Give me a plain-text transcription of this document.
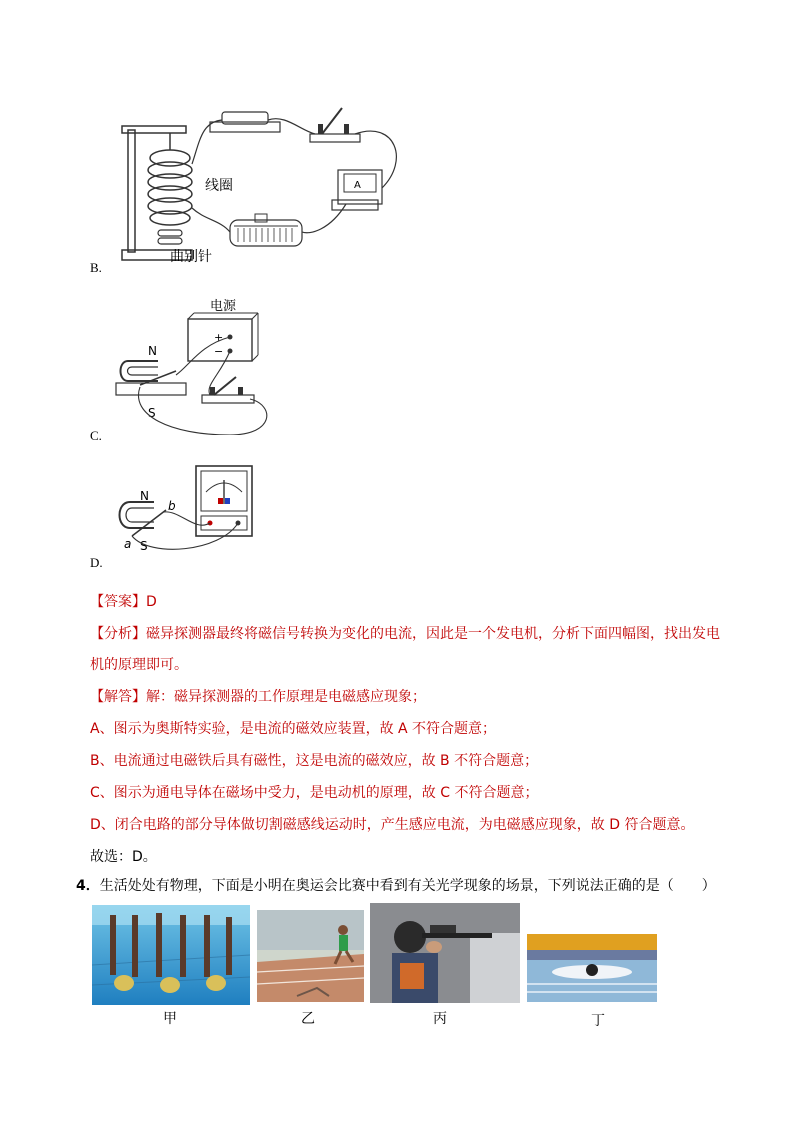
线圈
曲别针
A
B.
电源
+
−
N
S
C.
N
S
a
b
D.
【答案】D
【分析】磁异探测器最终将磁信号转换为变化的电流，因此是一个发电机，分析下面四幅图，找出发电
机的原理即可。
【解答】解：磁异探测器的工作原理是电磁感应现象；
A、图示为奥斯特实验，是电流的磁效应装置，故 A 不符合题意；
B、电流通过电磁铁后具有磁性，这是电流的磁效应，故 B 不符合题意；
C、图示为通电导体在磁场中受力，是电动机的原理，故 C 不符合题意；
D、闭合电路的部分导体做切割磁感线运动时，产生感应电流，为电磁感应现象，故 D 符合题意。
故选：D。
4．生活处处有物理，下面是小明在奥运会比赛中看到有关光学现象的场景，下列说法正确的是（　　）
甲	乙	丙	丁
